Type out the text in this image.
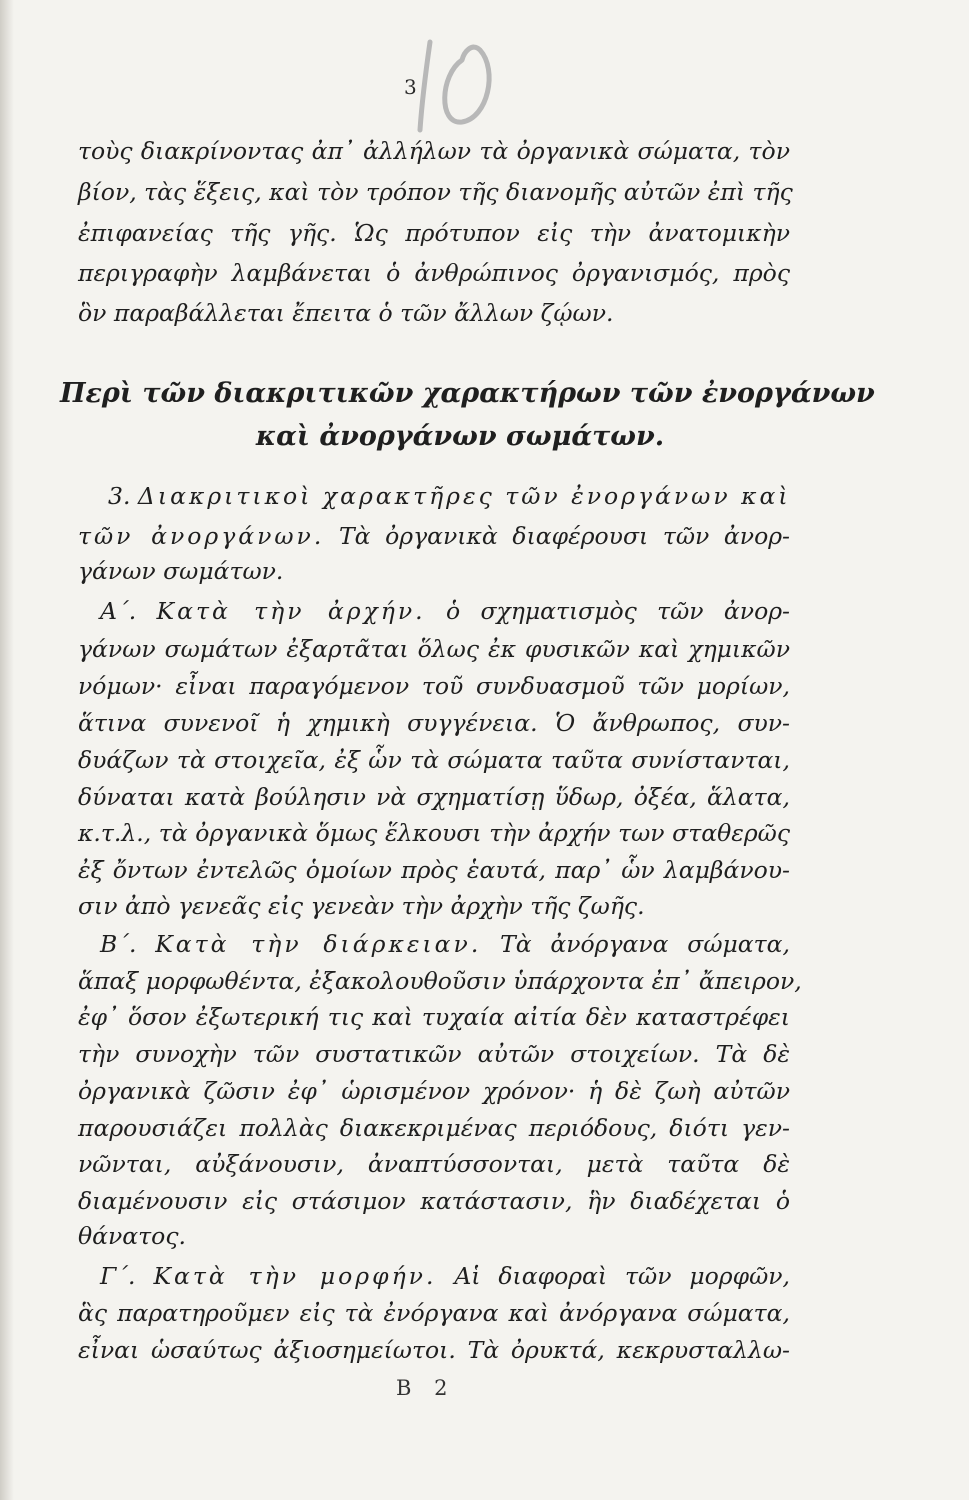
10
3

τοὺς διακρίνοντας ἀπ᾽ ἀλλήλων τὰ ὀργανικὰ σώματα, τὸν

βίον, τὰς ἕξεις, καὶ τὸν τρόπον τῆς διανομῆς αὐτῶν ἐπὶ τῆς

ἐπιφανείας τῆς γῆς. Ὡς πρότυπον εἰς τὴν ἀνατομικὴν

περιγραφὴν λαμβάνεται ὁ ἀνθρώπινος ὀργανισμός, πρὸς

ὃν παραβάλλεται ἔπειτα ὁ τῶν ἄλλων ζῴων.

Περὶ τῶν διακριτικῶν χαρακτήρων τῶν ἐνοργάνων
καὶ ἀνοργάνων σωμάτων.

3. Διακριτικοὶ χαρακτῆρες τῶν ἐνοργάνων καὶ

τῶν ἀνοργάνων. Τὰ ὀργανικὰ διαφέρουσι τῶν ἀνορ-

γάνων σωμάτων.

Α΄. Κατὰ τὴν ἀρχήν. ὁ σχηματισμὸς τῶν ἀνορ-

γάνων σωμάτων ἐξαρτᾶται ὅλως ἐκ φυσικῶν καὶ χημικῶν

νόμων· εἶναι παραγόμενον τοῦ συνδυασμοῦ τῶν μορίων,

ἅτινα συνενοῖ ἡ χημικὴ συγγένεια. Ὁ ἄνθρωπος, συν-

δυάζων τὰ στοιχεῖα, ἐξ ὧν τὰ σώματα ταῦτα συνίστανται,

δύναται κατὰ βούλησιν νὰ σχηματίσῃ ὕδωρ, ὀξέα, ἅλατα,

κ.τ.λ., τὰ ὀργανικὰ ὅμως ἕλκουσι τὴν ἀρχήν των σταθερῶς

ἐξ ὄντων ἐντελῶς ὁμοίων πρὸς ἑαυτά, παρ᾽ ὧν λαμβάνου-

σιν ἀπὸ γενεᾶς εἰς γενεὰν τὴν ἀρχὴν τῆς ζωῆς.

Β΄. Κατὰ τὴν διάρκειαν. Τὰ ἀνόργανα σώματα,

ἅπαξ μορφωθέντα, ἐξακολουθοῦσιν ὑπάρχοντα ἐπ᾽ ἄπειρον,

ἐφ᾽ ὅσον ἐξωτερική τις καὶ τυχαία αἰτία δὲν καταστρέφει

τὴν συνοχὴν τῶν συστατικῶν αὐτῶν στοιχείων. Τὰ δὲ

ὀργανικὰ ζῶσιν ἐφ᾽ ὡρισμένον χρόνον· ἡ δὲ ζωὴ αὐτῶν

παρουσιάζει πολλὰς διακεκριμένας περιόδους, διότι γεν-

νῶνται, αὐξάνουσιν, ἀναπτύσσονται, μετὰ ταῦτα δὲ

διαμένουσιν εἰς στάσιμον κατάστασιν, ἣν διαδέχεται ὁ

θάνατος.

Γ΄. Κατὰ τὴν μορφήν. Αἱ διαφοραὶ τῶν μορφῶν,

ἃς παρατηροῦμεν εἰς τὰ ἐνόργανα καὶ ἀνόργανα σώματα,

εἶναι ὡσαύτως ἀξιοσημείωτοι. Τὰ ὀρυκτά, κεκρυσταλλω-

B 2
